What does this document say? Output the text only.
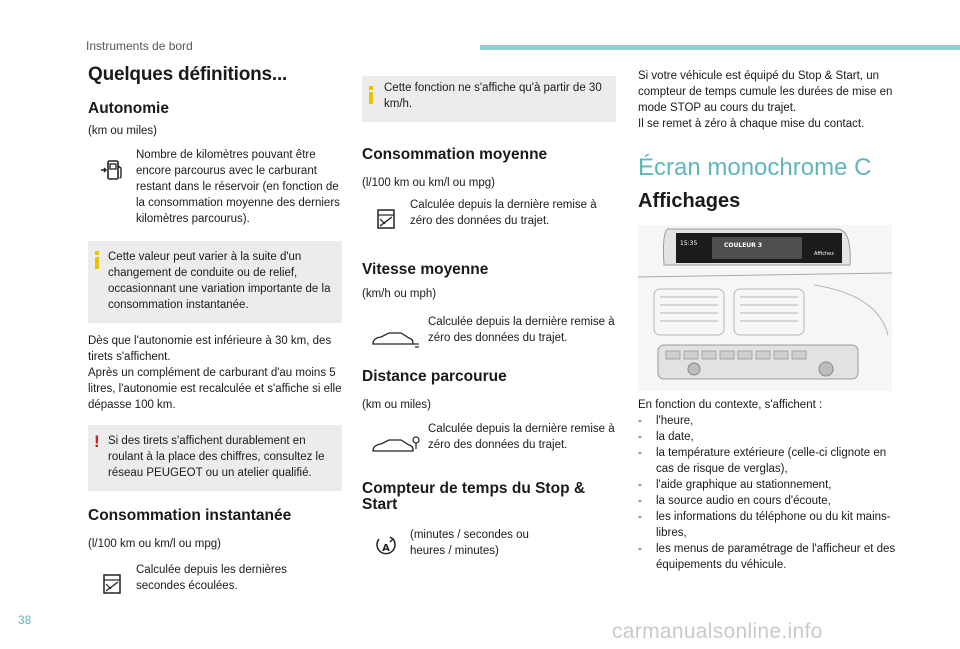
Instruments de bord
Quelques définitions...
Autonomie
(km ou miles)
Nombre de kilomètres pouvant être encore parcourus avec le carburant restant dans le réservoir (en fonction de la consommation moyenne des derniers kilomètres parcourus).
Cette valeur peut varier à la suite d'un changement de conduite ou de relief, occasionnant une variation importante de la consommation instantanée.
Dès que l'autonomie est inférieure à 30 km, des tirets s'affichent.
Après un complément de carburant d'au moins 5 litres, l'autonomie est recalculée et s'affiche si elle dépasse 100 km.
! Si des tirets s'affichent durablement en roulant à la place des chiffres, consultez le réseau PEUGEOT ou un atelier qualifié.
Consommation instantanée
(l/100 km ou km/l ou mpg)
Calculée depuis les dernières secondes écoulées.
Cette fonction ne s'affiche qu'à partir de 30 km/h.
Consommation moyenne
(l/100 km ou km/l ou mpg)
Calculée depuis la dernière remise à zéro des données du trajet.
Vitesse moyenne
(km/h ou mph)
Calculée depuis la dernière remise à zéro des données du trajet.
Distance parcourue
(km ou miles)
Calculée depuis la dernière remise à zéro des données du trajet.
Compteur de temps du Stop & Start
A
(minutes / secondes ou heures / minutes)
Si votre véhicule est équipé du Stop & Start, un compteur de temps cumule les durées de mise en mode STOP au cours du trajet.
Il se remet à zéro à chaque mise du contact.
Écran monochrome C
Affichages
15:35	COULEUR 3
Affichez
En fonction du contexte, s'affichent :
- l'heure,
- la date,
- la température extérieure (celle-ci clignote en cas de risque de verglas),
- l'aide graphique au stationnement,
- la source audio en cours d'écoute,
- les informations du téléphone ou du kit mains-libres,
- les menus de paramétrage de l'afficheur et des équipements du véhicule.
38	carmanualsonline.info
